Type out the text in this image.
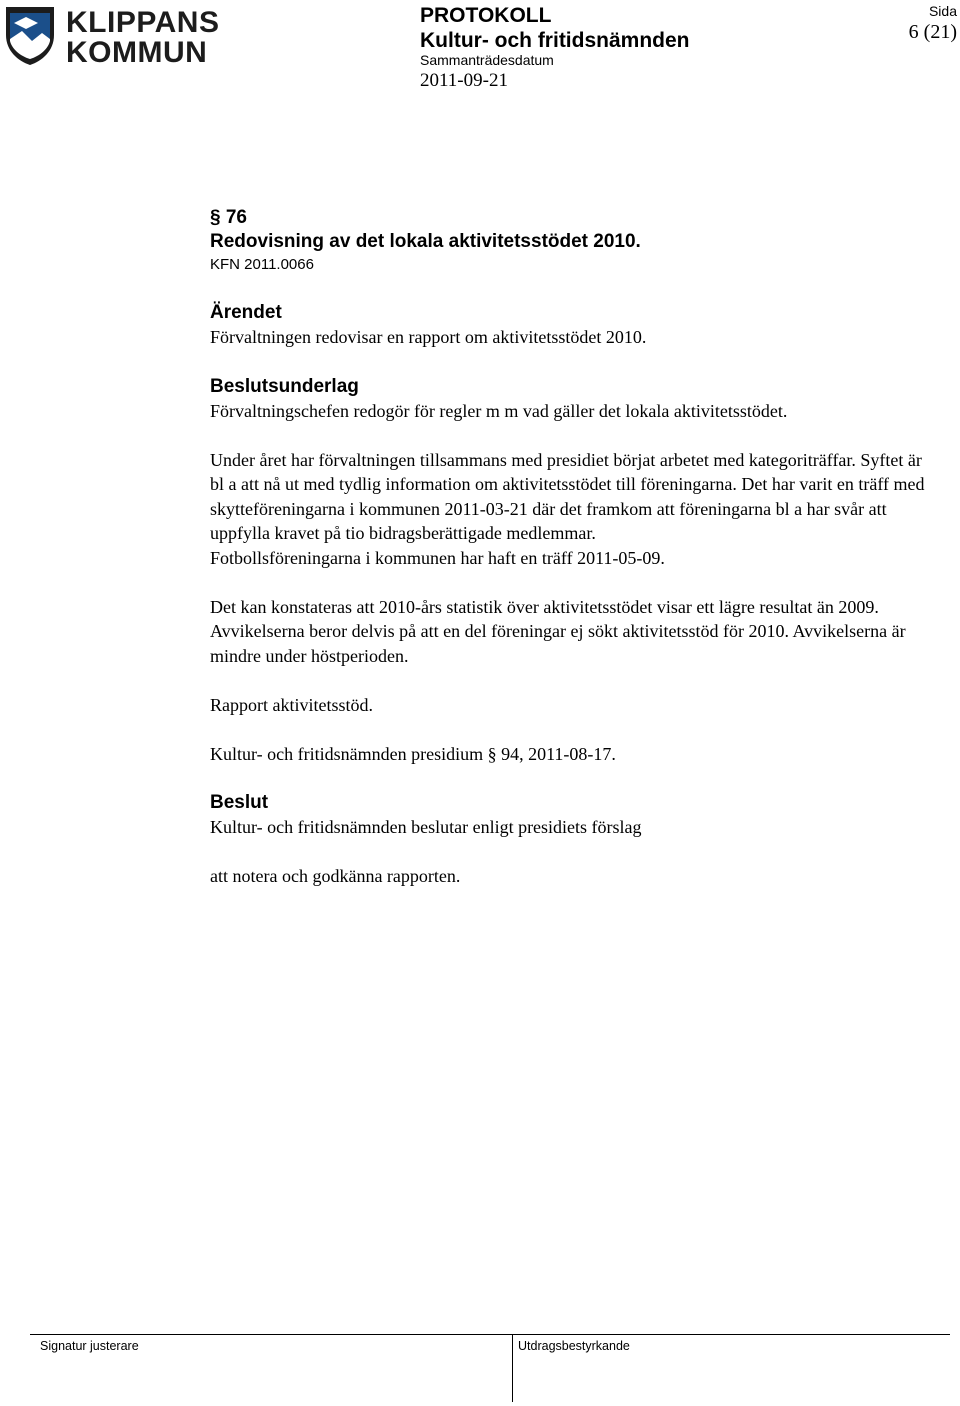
KLIPPANS
KOMMUN
PROTOKOLL
Kultur- och fritidsnämnden
Sammanträdesdatum
2011-09-21
Sida
6 (21)
§ 76
Redovisning av det lokala aktivitetsstödet 2010.
KFN 2011.0066
Ärendet
Förvaltningen redovisar en rapport om aktivitetsstödet 2010.
Beslutsunderlag
Förvaltningschefen redogör för regler m m vad gäller det lokala aktivitetsstödet.
Under året har förvaltningen tillsammans med presidiet börjat arbetet med kategoriträffar. Syftet är bl a att nå ut med tydlig information om aktivitetsstödet till föreningarna. Det har varit en träff med skytteföreningarna i kommunen 2011-03-21 där det framkom att föreningarna bl a har svår att uppfylla kravet på tio bidragsberättigade medlemmar.
Fotbollsföreningarna i kommunen har haft en träff 2011-05-09.
Det kan konstateras att 2010-års statistik över aktivitetsstödet visar ett lägre resultat än 2009. Avvikelserna beror delvis på att en del föreningar ej sökt aktivitetsstöd för 2010. Avvikelserna är mindre under höstperioden.
Rapport aktivitetsstöd.
Kultur- och fritidsnämnden presidium § 94, 2011-08-17.
Beslut
Kultur- och fritidsnämnden beslutar enligt presidiets förslag
att notera och godkänna rapporten.
Signatur justerare	Utdragsbestyrkande
